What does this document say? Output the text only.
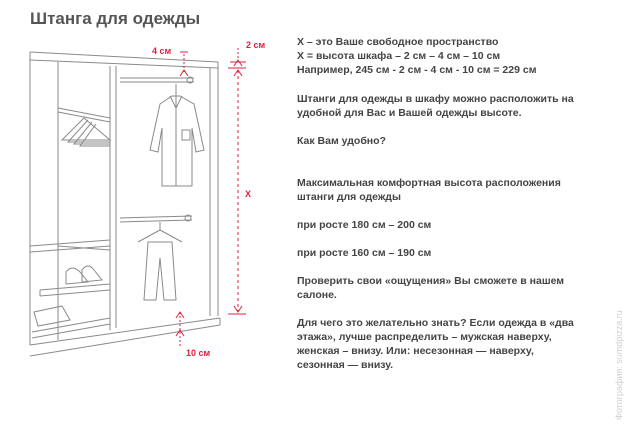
Штанга для одежды
4 см
2 см
X
10 см

X – это Ваше свободное пространство

X = высота шкафа – 2 см – 4 см – 10 см

Например, 245 см - 2 см - 4 см - 10 см = 229 см

Штанги для одежды в шкафу можно расположить на удобной для Вас и Вашей одежды высоте.

Как Вам удобно?

Максимальная комфортная высота расположения штанги для одежды

при росте 180 см – 200 см

при росте 160 см – 190 см

Проверить свои «ощущения» Вы сможете в нашем салоне.

Для чего это желательно знать? Если одежда в «два этажа», лучше распределить – мужская наверху, женская – внизу. Или: несезонная — наверху, сезонная — внизу.	Фотография: sumdpizza.ru
